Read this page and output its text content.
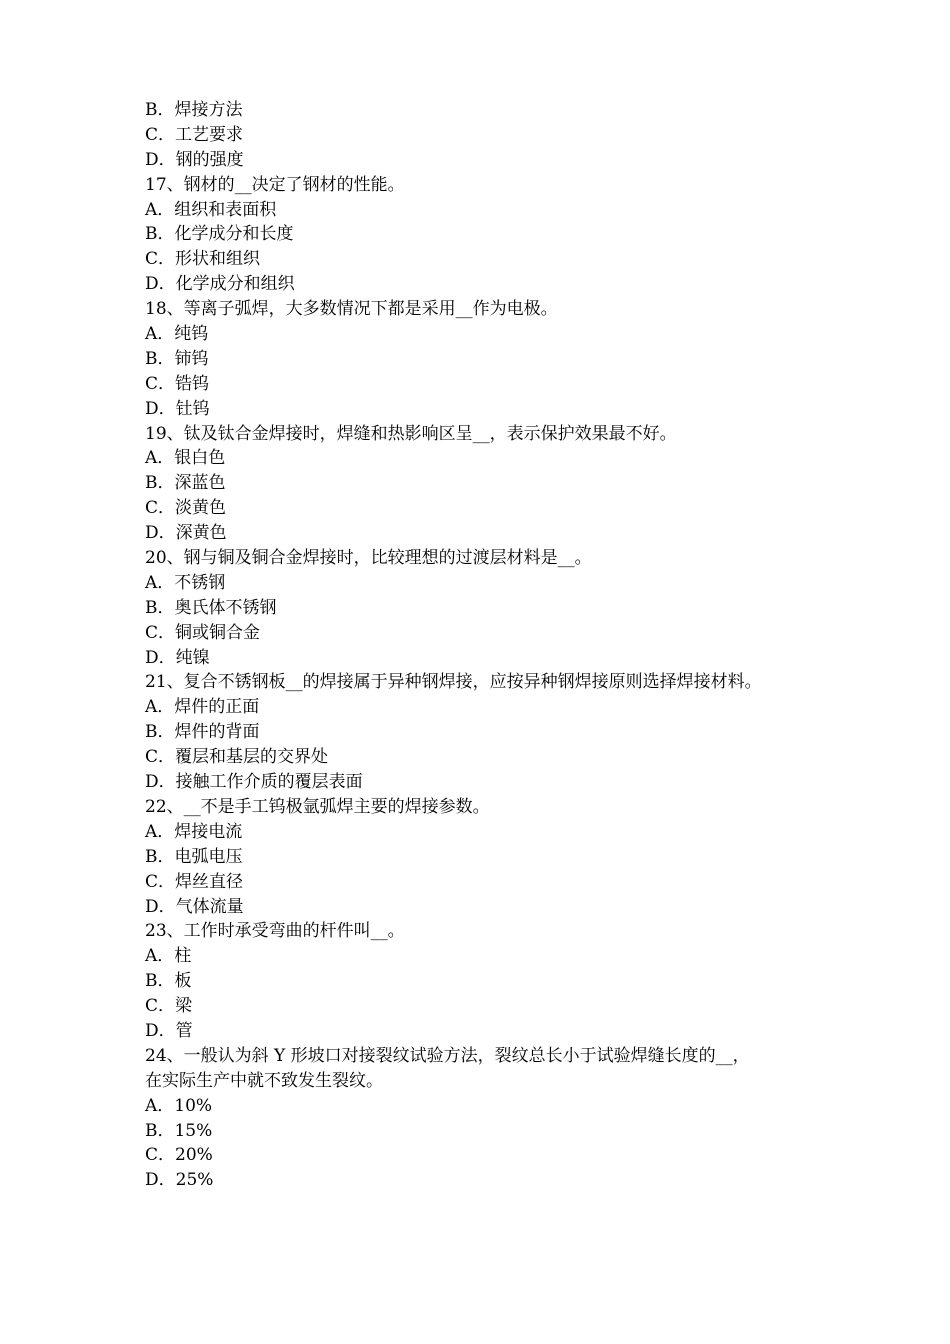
B．焊接方法
C．工艺要求
D．钢的强度
17、钢材的__决定了钢材的性能。
A．组织和表面积
B．化学成分和长度
C．形状和组织
D．化学成分和组织
18、等离子弧焊，大多数情况下都是采用__作为电极。
A．纯钨
B．铈钨
C．锆钨
D．钍钨
19、钛及钛合金焊接时，焊缝和热影响区呈__，表示保护效果最不好。
A．银白色
B．深蓝色
C．淡黄色
D．深黄色
20、钢与铜及铜合金焊接时，比较理想的过渡层材料是__。
A．不锈钢
B．奥氏体不锈钢
C．铜或铜合金
D．纯镍
21、复合不锈钢板__的焊接属于异种钢焊接，应按异种钢焊接原则选择焊接材料。
A．焊件的正面
B．焊件的背面
C．覆层和基层的交界处
D．接触工作介质的覆层表面
22、__不是手工钨极氩弧焊主要的焊接参数。
A．焊接电流
B．电弧电压
C．焊丝直径
D．气体流量
23、工作时承受弯曲的杆件叫__。
A．柱
B．板
C．梁
D．管
24、一般认为斜 Y 形坡口对接裂纹试验方法，裂纹总长小于试验焊缝长度的__，
在实际生产中就不致发生裂纹。
A．10%
B．15%
C．20%
D．25%
